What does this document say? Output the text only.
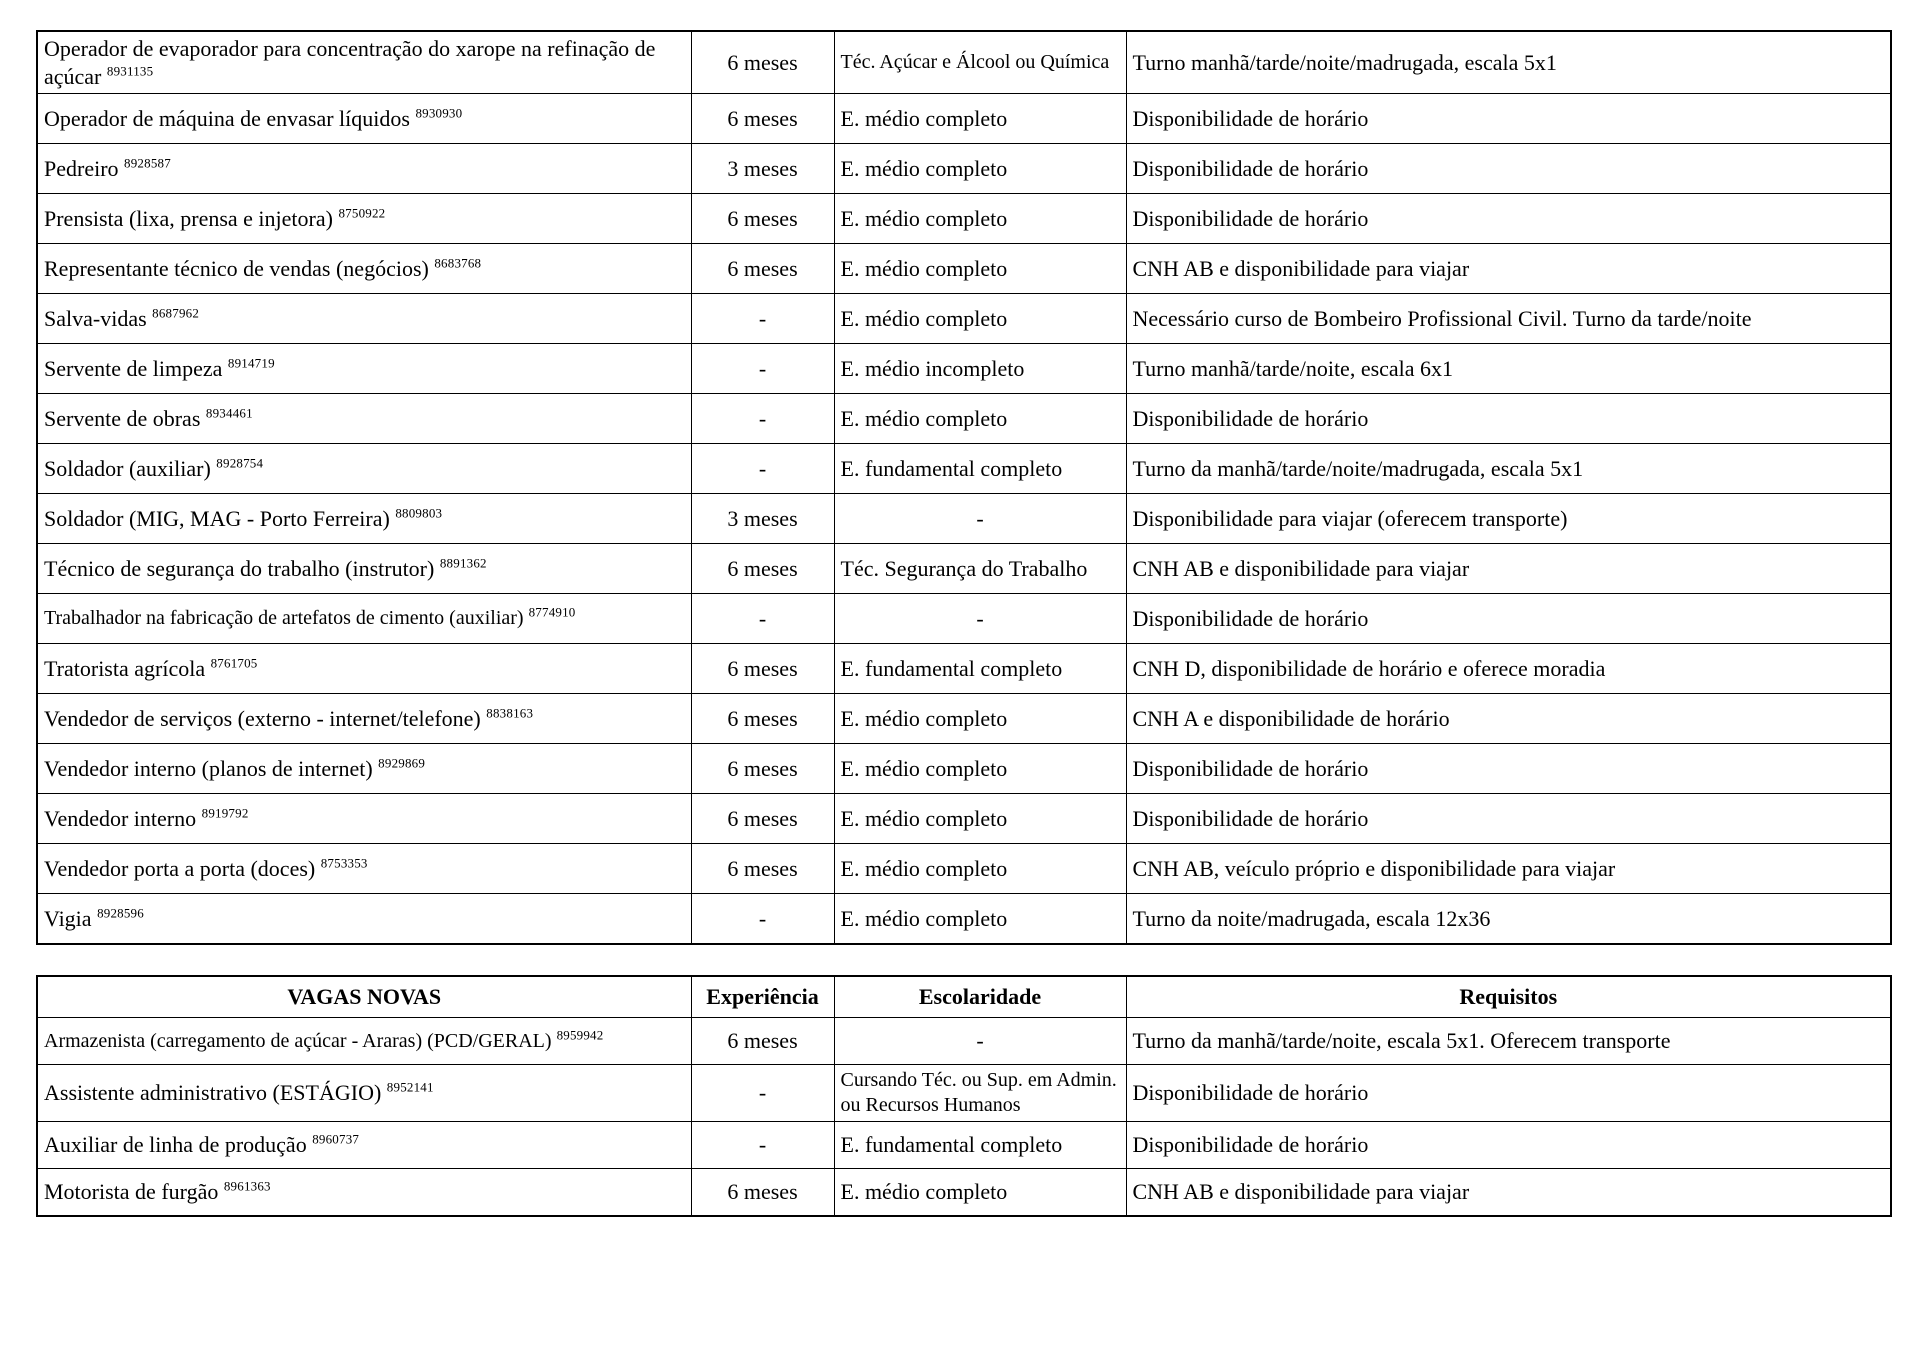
Operador de evaporador para concentração do xarope na refinação de açúcar $^{8931135}$	6 meses	Téc. Açúcar e Álcool ou Química	Turno manhã/tarde/noite/madrugada, escala 5x1
Operador de máquina de envasar líquidos $^{8930930}$	6 meses	E. médio completo	Disponibilidade de horário
Pedreiro $^{8928587}$	3 meses	E. médio completo	Disponibilidade de horário
Prensista (lixa, prensa e injetora) $^{8750922}$	6 meses	E. médio completo	Disponibilidade de horário
Representante técnico de vendas (negócios) $^{8683768}$	6 meses	E. médio completo	CNH AB e disponibilidade para viajar
Salva-vidas $^{8687962}$	-	E. médio completo	Necessário curso de Bombeiro Profissional Civil. Turno da tarde/noite
Servente de limpeza $^{8914719}$	-	E. médio incompleto	Turno manhã/tarde/noite, escala 6x1
Servente de obras $^{8934461}$	-	E. médio completo	Disponibilidade de horário
Soldador (auxiliar) $^{8928754}$	-	E. fundamental completo	Turno da manhã/tarde/noite/madrugada, escala 5x1
Soldador (MIG, MAG - Porto Ferreira) $^{8809803}$	3 meses	-	Disponibilidade para viajar (oferecem transporte)
Técnico de segurança do trabalho (instrutor) $^{8891362}$	6 meses	Téc. Segurança do Trabalho	CNH AB e disponibilidade para viajar
Trabalhador na fabricação de artefatos de cimento (auxiliar) $^{8774910}$	-	-	Disponibilidade de horário
Tratorista agrícola $^{8761705}$	6 meses	E. fundamental completo	CNH D, disponibilidade de horário e oferece moradia
Vendedor de serviços (externo - internet/telefone) $^{8838163}$	6 meses	E. médio completo	CNH A e disponibilidade de horário
Vendedor interno (planos de internet) $^{8929869}$	6 meses	E. médio completo	Disponibilidade de horário
Vendedor interno $^{8919792}$	6 meses	E. médio completo	Disponibilidade de horário
Vendedor porta a porta (doces) $^{8753353}$	6 meses	E. médio completo	CNH AB, veículo próprio e disponibilidade para viajar
Vigia $^{8928596}$	-	E. médio completo	Turno da noite/madrugada, escala 12x36
VAGAS NOVAS	Experiência	Escolaridade	Requisitos
Armazenista (carregamento de açúcar - Araras) (PCD/GERAL) $^{8959942}$	6 meses	-	Turno da manhã/tarde/noite, escala 5x1. Oferecem transporte
Assistente administrativo (ESTÁGIO) $^{8952141}$	-	Cursando Téc. ou Sup. em Admin. ou Recursos Humanos	Disponibilidade de horário
Auxiliar de linha de produção $^{8960737}$	-	E. fundamental completo	Disponibilidade de horário
Motorista de furgão $^{8961363}$	6 meses	E. médio completo	CNH AB e disponibilidade para viajar
